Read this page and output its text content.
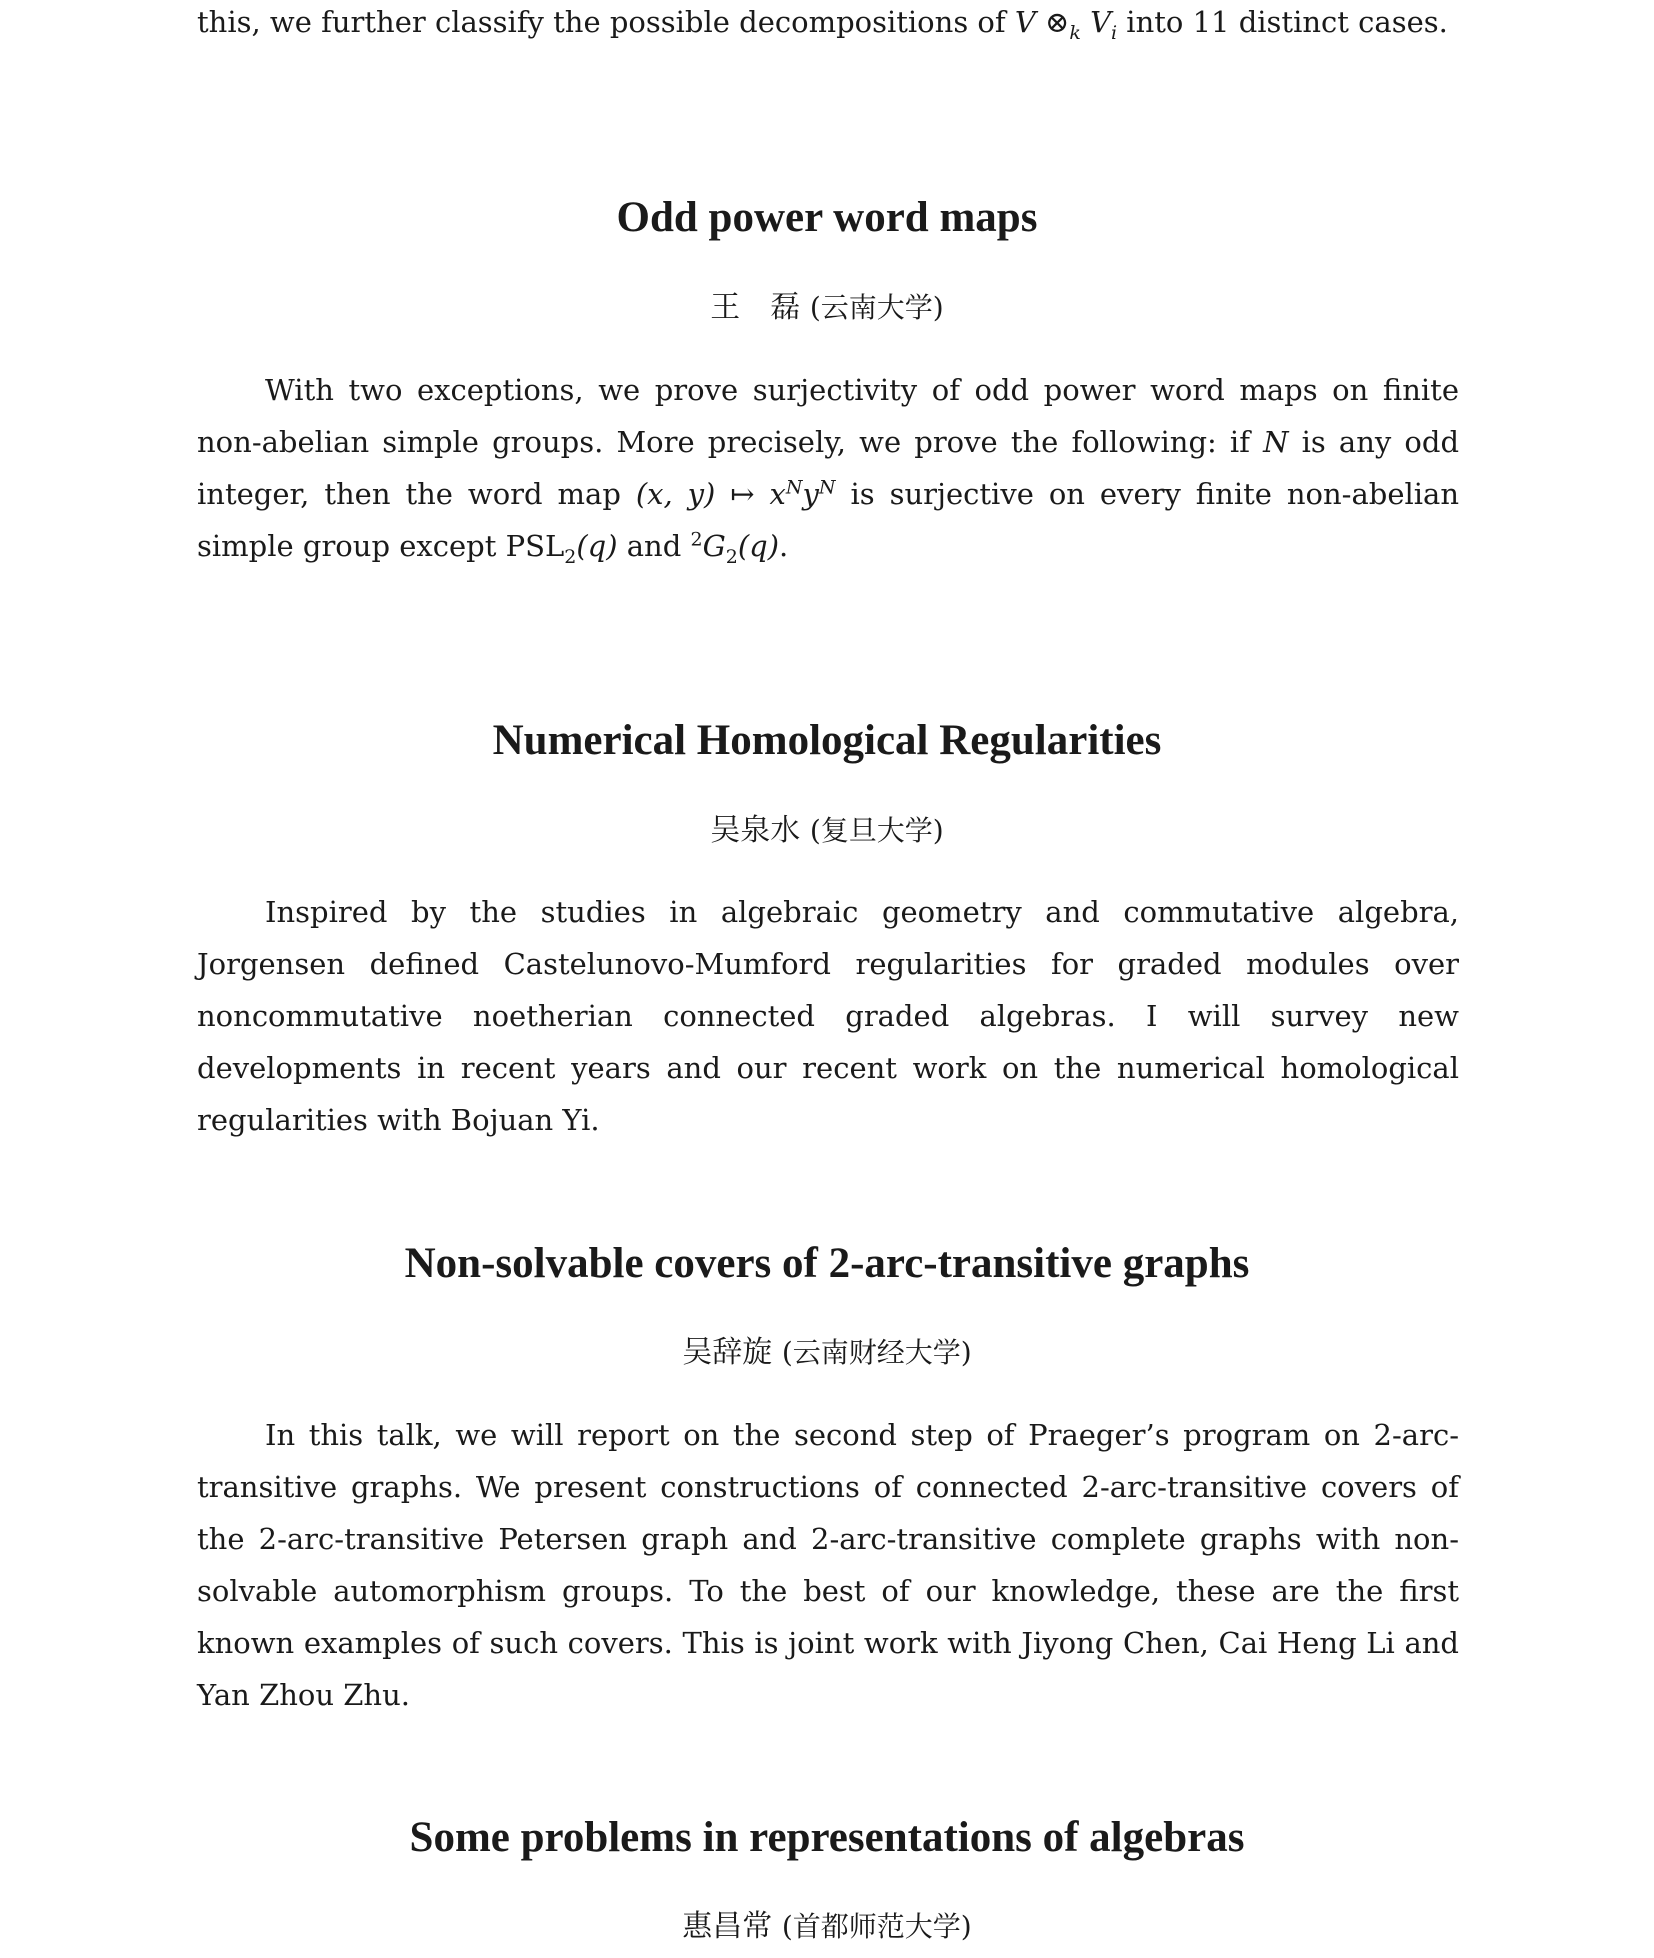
this, we further classify the possible decompositions of V $\otimes_k$ $V_i$ into 11 distinct cases.

Odd power word maps

王　磊 (云南大学)

With two exceptions, we prove surjectivity of odd power word maps on finite non-abelian simple groups. More precisely, we prove the following: if N is any odd integer, then the word map (x, y) ↦ $x^Ny^N$ is surjective on every finite non-abelian simple group except $PSL_2(q)$ and $^2G_2(q)$.

Numerical Homological Regularities

吴泉水 (复旦大学)

Inspired by the studies in algebraic geometry and commutative algebra, Jorgensen defined Castelunovo-Mumford regularities for graded modules over noncommutative noetherian connected graded algebras. I will survey new developments in recent years and our recent work on the numerical homological regularities with Bojuan Yi.

Non-solvable covers of 2-arc-transitive graphs

吴辞旋 (云南财经大学)

In this talk, we will report on the second step of Praeger’s program on 2-arc-transitive graphs. We present constructions of connected 2-arc-transitive covers of the 2-arc-transitive Petersen graph and 2-arc-transitive complete graphs with non-solvable automorphism groups. To the best of our knowledge, these are the first known examples of such covers. This is joint work with Jiyong Chen, Cai Heng Li and Yan Zhou Zhu.

Some problems in representations of algebras

惠昌常 (首都师范大学)
